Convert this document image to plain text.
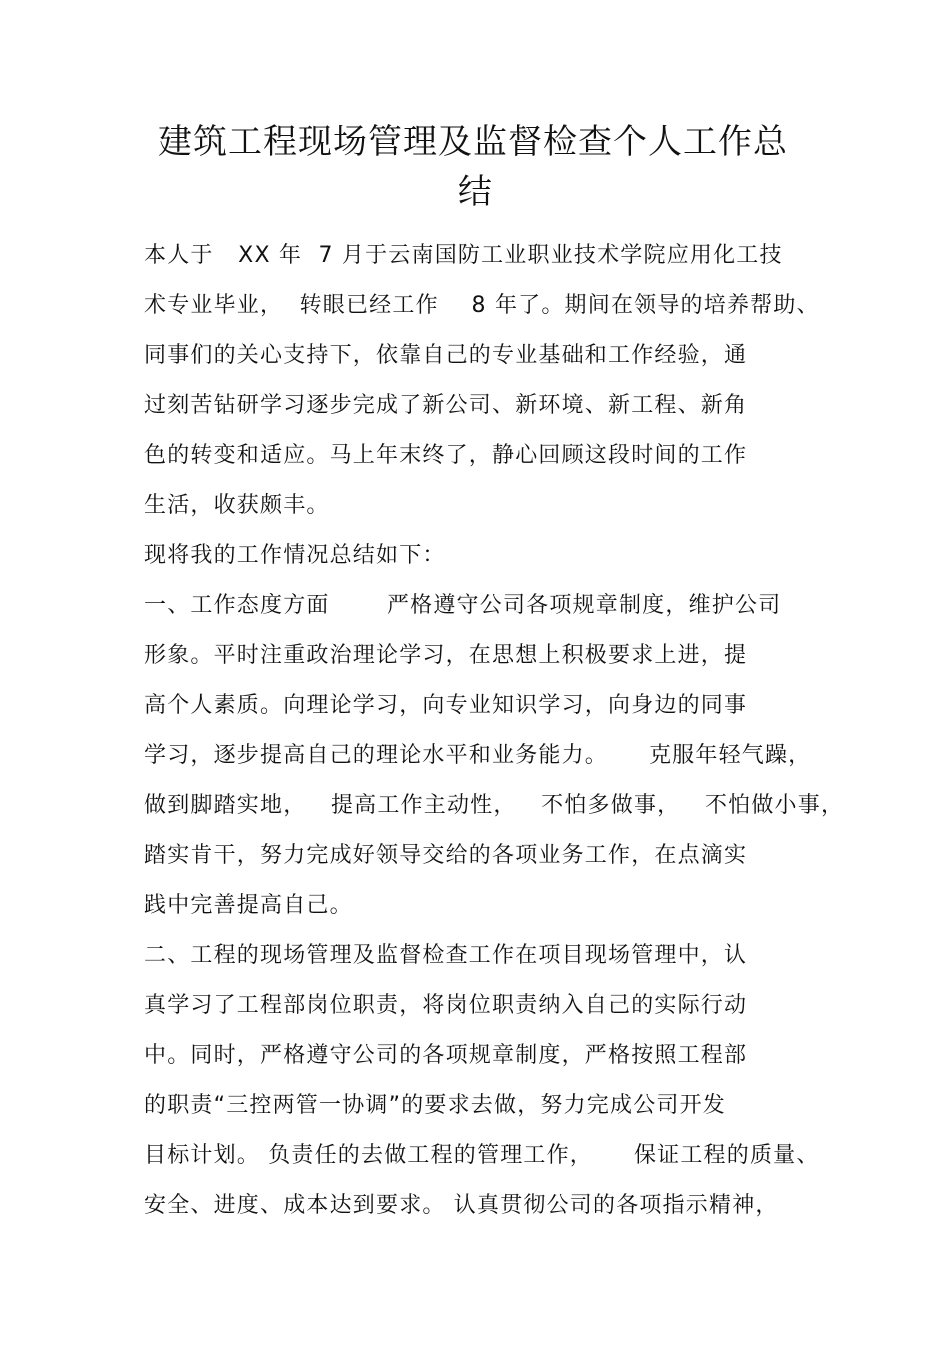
建筑工程现场管理及监督检查个人工作总
结
本人于   XX 年  7 月于云南国防工业职业技术学院应用化工技
术专业毕业，  转眼已经工作    8 年了。期间在领导的培养帮助、
同事们的关心支持下，依靠自己的专业基础和工作经验，通
过刻苦钻研学习逐步完成了新公司、新环境、新工程、新角
色的转变和适应。马上年末终了，静心回顾这段时间的工作
生活，收获颇丰。
现将我的工作情况总结如下：
一、工作态度方面       严格遵守公司各项规章制度，维护公司
形象。平时注重政治理论学习，在思想上积极要求上进，提
高个人素质。向理论学习，向专业知识学习，向身边的同事
学习，逐步提高自己的理论水平和业务能力。     克服年轻气躁，
做到脚踏实地，   提高工作主动性，   不怕多做事，   不怕做小事，
踏实肯干，努力完成好领导交给的各项业务工作，在点滴实
践中完善提高自己。
二、工程的现场管理及监督检查工作在项目现场管理中，认
真学习了工程部岗位职责，将岗位职责纳入自己的实际行动
中。同时，严格遵守公司的各项规章制度，严格按照工程部
的职责“三控两管一协调”的要求去做，努力完成公司开发
目标计划。 负责任的去做工程的管理工作，     保证工程的质量、
安全、进度、成本达到要求。 认真贯彻公司的各项指示精神，
